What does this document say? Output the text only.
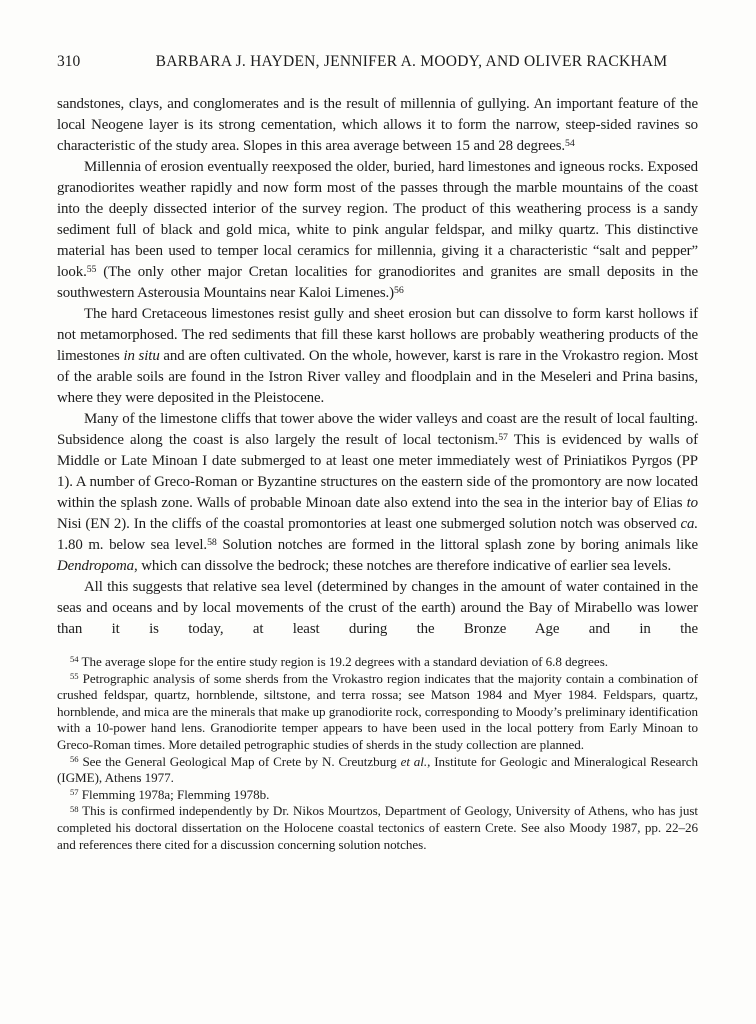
310	BARBARA J. HAYDEN, JENNIFER A. MOODY, AND OLIVER RACKHAM

sandstones, clays, and conglomerates and is the result of millennia of gullying. An important feature of the local Neogene layer is its strong cementation, which allows it to form the narrow, steep-sided ravines so characteristic of the study area. Slopes in this area average between 15 and 28 degrees.$^{54}$

Millennia of erosion eventually reexposed the older, buried, hard limestones and igneous rocks. Exposed granodiorites weather rapidly and now form most of the passes through the marble mountains of the coast into the deeply dissected interior of the survey region. The product of this weathering process is a sandy sediment full of black and gold mica, white to pink angular feldspar, and milky quartz. This distinctive material has been used to temper local ceramics for millennia, giving it a characteristic “salt and pepper” look.$^{55}$ (The only other major Cretan localities for granodiorites and granites are small deposits in the southwestern Asterousia Mountains near Kaloi Limenes.)$^{56}$

The hard Cretaceous limestones resist gully and sheet erosion but can dissolve to form karst hollows if not metamorphosed. The red sediments that fill these karst hollows are probably weathering products of the limestones in situ and are often cultivated. On the whole, however, karst is rare in the Vrokastro region. Most of the arable soils are found in the Istron River valley and floodplain and in the Meseleri and Prina basins, where they were deposited in the Pleistocene.

Many of the limestone cliffs that tower above the wider valleys and coast are the result of local faulting. Subsidence along the coast is also largely the result of local tectonism.$^{57}$ This is evidenced by walls of Middle or Late Minoan I date submerged to at least one meter immediately west of Priniatikos Pyrgos (PP 1). A number of Greco-Roman or Byzantine structures on the eastern side of the promontory are now located within the splash zone. Walls of probable Minoan date also extend into the sea in the interior bay of Elias to Nisi (EN 2). In the cliffs of the coastal promontories at least one submerged solution notch was observed ca. 1.80 m. below sea level.$^{58}$ Solution notches are formed in the littoral splash zone by boring animals like Dendropoma, which can dissolve the bedrock; these notches are therefore indicative of earlier sea levels.

All this suggests that relative sea level (determined by changes in the amount of water contained in the seas and oceans and by local movements of the crust of the earth) around the Bay of Mirabello was lower than it is today, at least during the Bronze Age and in the

$^{54}$ The average slope for the entire study region is 19.2 degrees with a standard deviation of 6.8 degrees.

$^{55}$ Petrographic analysis of some sherds from the Vrokastro region indicates that the majority contain a combination of crushed feldspar, quartz, hornblende, siltstone, and terra rossa; see Matson 1984 and Myer 1984. Feldspars, quartz, hornblende, and mica are the minerals that make up granodiorite rock, corresponding to Moody’s preliminary identification with a 10-power hand lens. Granodiorite temper appears to have been used in the local pottery from Early Minoan to Greco-Roman times. More detailed petrographic studies of sherds in the study collection are planned.

$^{56}$ See the General Geological Map of Crete by N. Creutzburg et al., Institute for Geologic and Mineralogical Research (IGME), Athens 1977.

$^{57}$ Flemming 1978a; Flemming 1978b.

$^{58}$ This is confirmed independently by Dr. Nikos Mourtzos, Department of Geology, University of Athens, who has just completed his doctoral dissertation on the Holocene coastal tectonics of eastern Crete. See also Moody 1987, pp. 22–26 and references there cited for a discussion concerning solution notches.
